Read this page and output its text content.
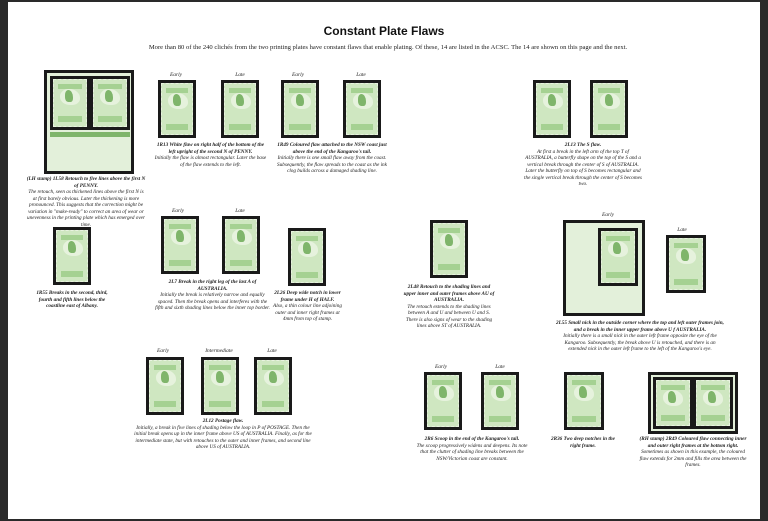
Constant Plate Flaws
More than 80 of the 240 clichés from the two printing plates have constant flaws that enable plating. Of these, 14 are listed in the ACSC. The 14 are shown on this page and the next.
(LH stamp) 1L58 Retouch to five lines above the first N of PENNY.
The retouch, seen as thickened lines above the first N is at first barely obvious. Later the thickening is more pronounced. This suggests that the correction might be variation in "make-ready" to correct an area of wear or unevenness in the printing plate which has emerged over time.
Early	Late
1R13 White flaw on right half of the bottom of the left upright of the second N of PENNY.
Initially the flaw is almost rectangular. Later the base of the flaw extends to the left.
Early	Late
1R49 Coloured flaw attached to the NSW coast just above the end of the Kangaroo's tail.
Initially there is one small flaw away from the coast. Subsequently, the flaw spreads to the coast as the ink clog builds across a damaged shading line.
2L13 The S flaw.
At first a break in the left arm of the top T of AUSTRALIA, a butterfly shape on the top of the S and a vertical break through the center of S of AUSTRALIA. Later the butterfly on top of S becomes rectangular and the single vertical break through the center of S becomes two.
1R55 Breaks in the second, third, fourth and fifth lines below the coastline east of Albany.
Early	Late
2L7 Break in the right leg of the last A of AUSTRALIA.
Initially the break is relatively narrow and equally spaced. Then the break opens and interferes with the fifth and sixth shading lines below the inner top border.
2L26 Deep wide notch in lower frame under H of HALF.
Also, a thin colour line adjoining outer and inner right frames at 4mm from top of stamp.
2L48 Retouch to the shading lines and upper inner and outer frames above AU of AUSTRALIA.
The retouch extends to the shading lines between A and U and between U and S. There is also signs of wear to the shading lines above ST of AUSTRALIA.
Early
Late
2L55 Small nick in the outside corner where the top and left outer frames join, and a break in the inner upper frame above U f AUSTRALIA.
Initially there is a small nick in the outer left frame opposite the eye of the Kangaroo. Subsequently, the break above U is retouched, and there is an extended nick in the outer left frame to the left of the Kangaroo's eye.
Early	Intermediate	Late
2L12 Postage flaw.
Initially, a break in five lines of shading below the loop in P of POSTAGE. Then the initial break opens up in the inner frame above US of AUSTRALIA. Finally, as for the intermediate state, but with retouches to the outer and inner frames, and second line above US of AUSTRALIA.
Early	Late
2R6 Scoop in the end of the Kangaroo's tail.
The scoop progressively widens and deepens. Its note that the clutter of shading line breaks between the NSW/Victorian coast are constant.
2R36 Two deep notches in the right frame.
(RH stamp) 2R49 Coloured flaw connecting inner and outer right frames at the bottom right.
Sometimes as shown in this example, the coloured flaw extends for 2mm and fills the area between the frames.
